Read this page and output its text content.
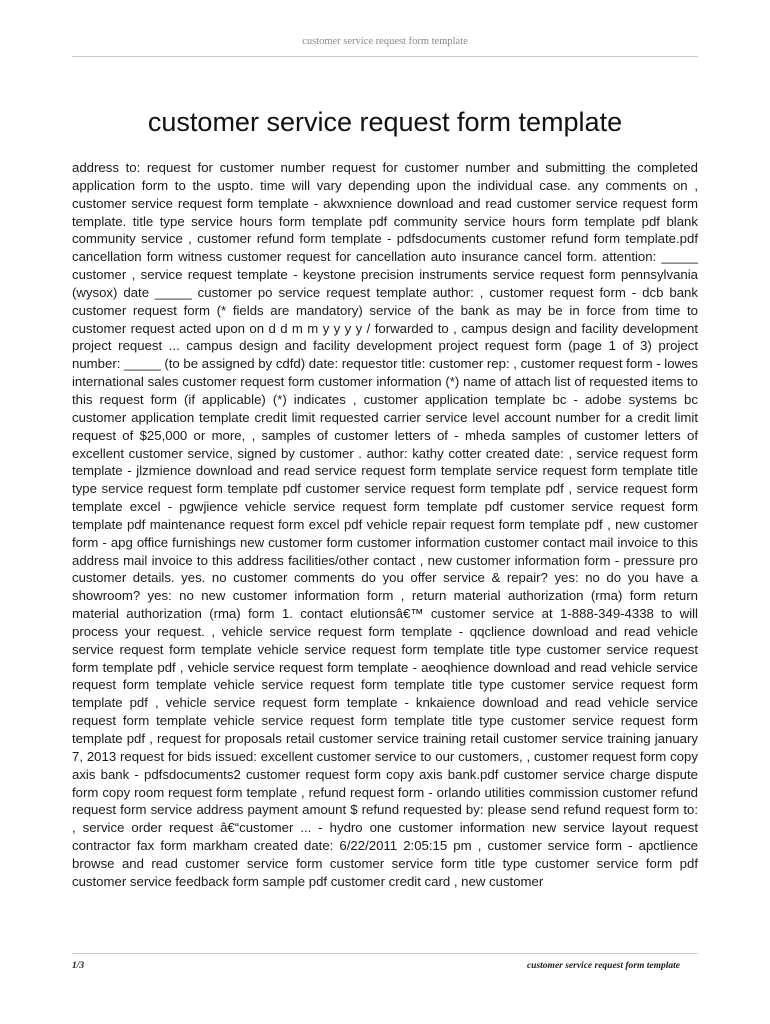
customer service request form template
customer service request form template

address to: request for customer number request for customer number and submitting the completed application form to the uspto. time will vary depending upon the individual case. any comments on , customer service request form template - akwxnience download and read customer service request form template. title type service hours form template pdf community service hours form template pdf blank community service , customer refund form template - pdfsdocuments customer refund form template.pdf cancellation form witness customer request for cancellation auto insurance cancel form. attention: _____ customer , service request template - keystone precision instruments service request form pennsylvania (wysox) date _____ customer po service request template author: , customer request form - dcb bank customer request form (* fields are mandatory) service of the bank as may be in force from time to customer request acted upon on d d m m y y y y / forwarded to , campus design and facility development project request ... campus design and facility development project request form (page 1 of 3) project number: _____ (to be assigned by cdfd) date: requestor title: customer rep: , customer request form - lowes international sales customer request form customer information (*) name of attach list of requested items to this request form (if applicable) (*) indicates , customer application template bc - adobe systems bc customer application template credit limit requested carrier service level account number for a credit limit request of $25,000 or more, , samples of customer letters of - mheda samples of customer letters of excellent customer service, signed by customer . author: kathy cotter created date: , service request form template - jlzmience download and read service request form template service request form template title type service request form template pdf customer service request form template pdf , service request form template excel - pgwjience vehicle service request form template pdf customer service request form template pdf maintenance request form excel pdf vehicle repair request form template pdf , new customer form - apg office furnishings new customer form customer information customer contact mail invoice to this address mail invoice to this address facilities/other contact , new customer information form - pressure pro customer details. yes. no customer comments do you offer service & repair? yes: no do you have a showroom? yes: no new customer information form , return material authorization (rma) form return material authorization (rma) form 1. contact elutionsâ€™ customer service at 1-888-349-4338 to will process your request. , vehicle service request form template - qqclience download and read vehicle service request form template vehicle service request form template title type customer service request form template pdf , vehicle service request form template - aeoqhience download and read vehicle service request form template vehicle service request form template title type customer service request form template pdf , vehicle service request form template - knkaience download and read vehicle service request form template vehicle service request form template title type customer service request form template pdf , request for proposals retail customer service training retail customer service training january 7, 2013 request for bids issued: excellent customer service to our customers, , customer request form copy axis bank - pdfsdocuments2 customer request form copy axis bank.pdf customer service charge dispute form copy room request form template , refund request form - orlando utilities commission customer refund request form service address payment amount $ refund requested by: please send refund request form to: , service order request â€“customer ... - hydro one customer information new service layout request contractor fax form markham created date: 6/22/2011 2:05:15 pm , customer service form - apctlience browse and read customer service form customer service form title type customer service form pdf customer service feedback form sample pdf customer credit card , new customer

1/3	customer service request form template
